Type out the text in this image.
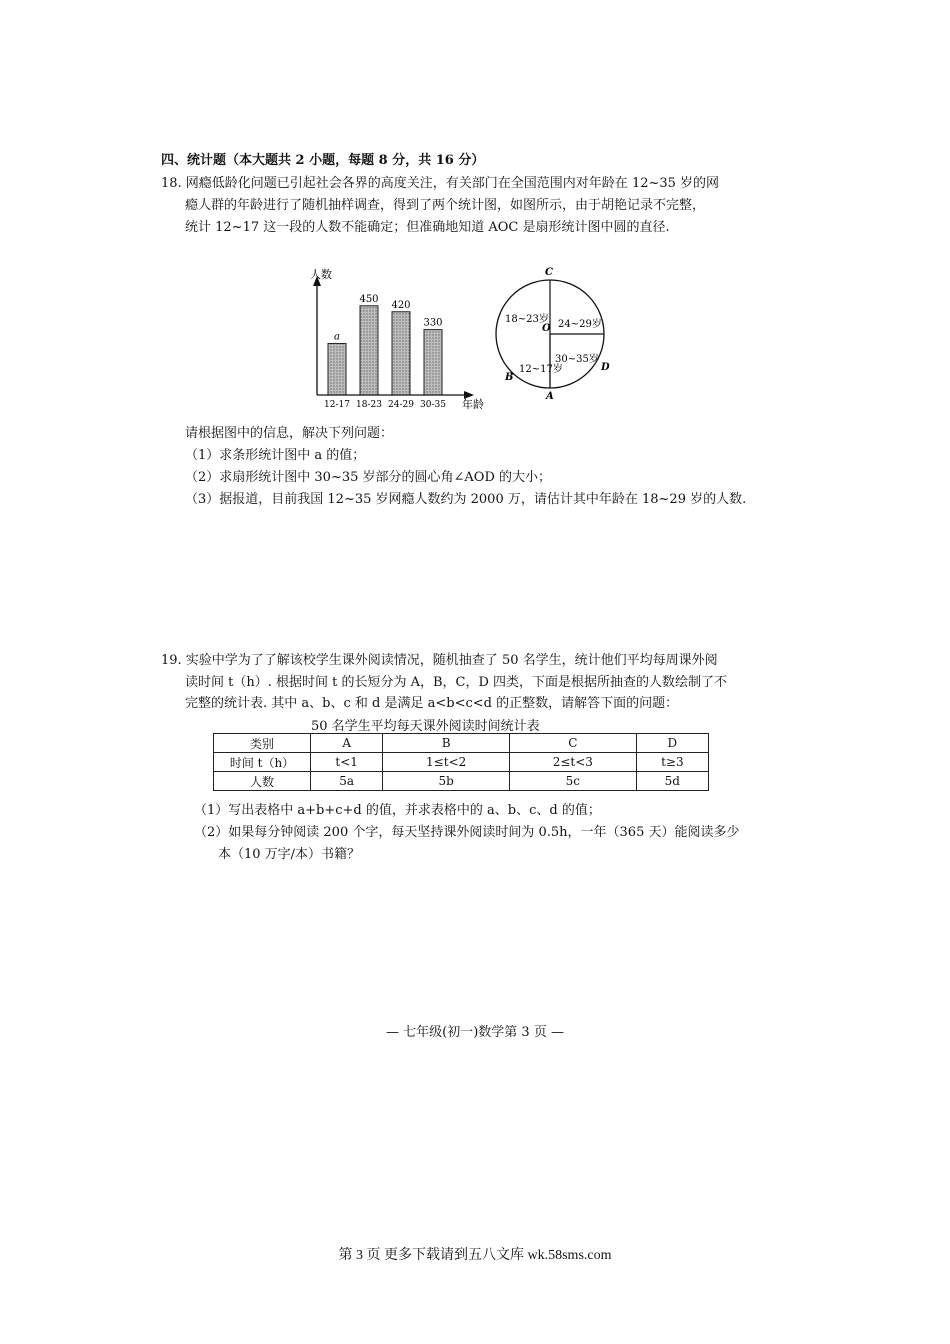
四、统计题（本大题共 2 小题，每题 8 分，共 16 分）
18. 网瘾低龄化问题已引起社会各界的高度关注，有关部门在全国范围内对年龄在 12~35 岁的网
瘾人群的年龄进行了随机抽样调查，得到了两个统计图，如图所示，由于胡艳记录不完整，
统计 12~17 这一段的人数不能确定；但准确地知道 AOC 是扇形统计图中圆的直径.
a
12-17
450
18-23
420
24-29
330
30-35
人数
年龄
C
O
D
B
A
18~23岁 24~29岁
30~35岁
12~17岁
请根据图中的信息，解决下列问题：
（1）求条形统计图中 a 的值；
（2）求扇形统计图中 30~35 岁部分的圆心角∠AOD 的大小；
（3）据报道，目前我国 12~35 岁网瘾人数约为 2000 万，请估计其中年龄在 18~29 岁的人数.
19. 实验中学为了了解该校学生课外阅读情况，随机抽查了 50 名学生，统计他们平均每周课外阅
读时间 t（h）. 根据时间 t 的长短分为 A，B，C，D 四类，下面是根据所抽查的人数绘制了不
完整的统计表. 其中 a、b、c 和 d 是满足 a<b<c<d 的正整数，请解答下面的问题：
50 名学生平均每天课外阅读时间统计表
类别	A	B	C	D
时间 t（h）	t<1	1≤t<2	2≤t<3	t≥3
人数	5a	5b	5c	5d
（1）写出表格中 a+b+c+d 的值，并求表格中的 a、b、c、d 的值；
（2）如果每分钟阅读 200 个字，每天坚持课外阅读时间为 0.5h，一年（365 天）能阅读多少
本（10 万字/本）书籍？
— 七年级(初一)数学第 3 页 —
第 3 页 更多下载请到五八文库 wk.58sms.com
